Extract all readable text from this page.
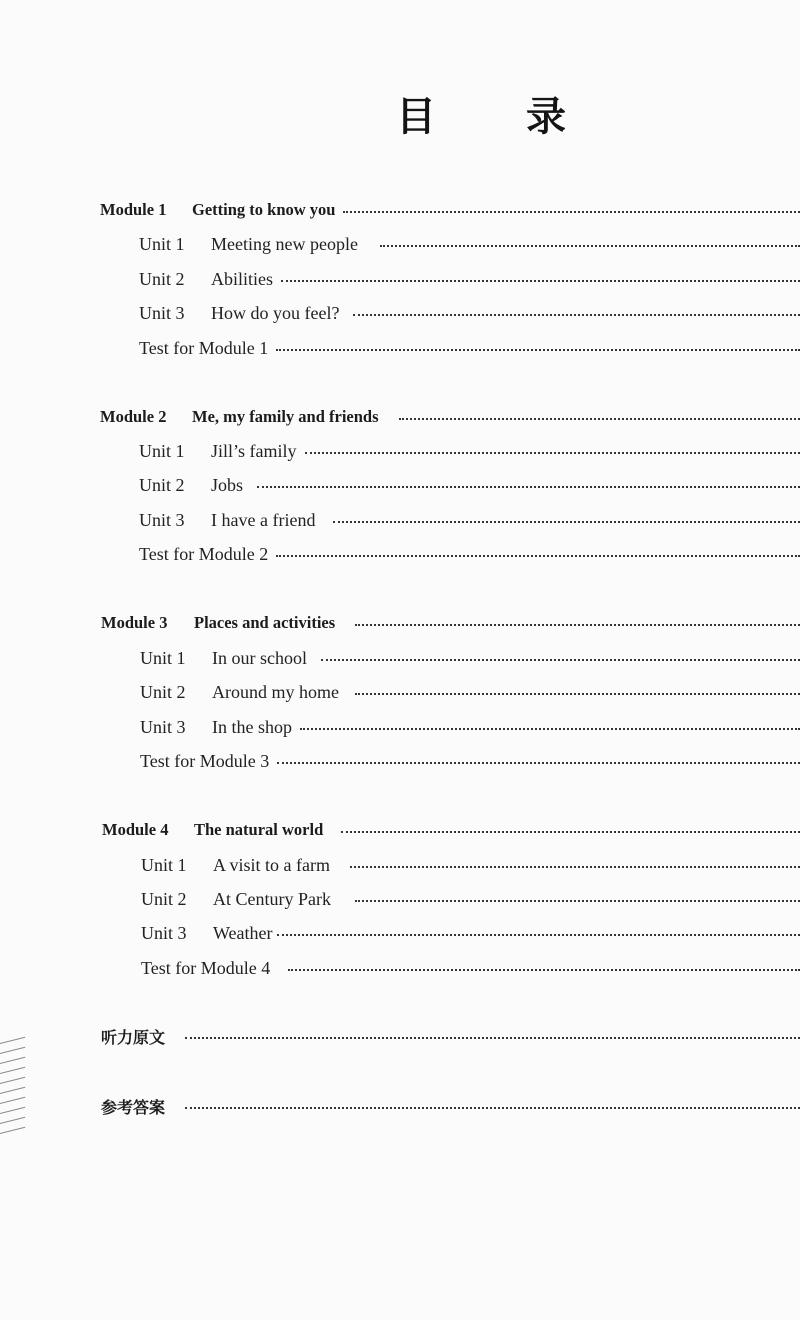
目 录
Module 1 Getting to know you
Unit 1 Meeting new people
Unit 2 Abilities
Unit 3 How do you feel?
Test for Module 1
Module 2 Me, my family and friends
Unit 1 Jill’s family
Unit 2 Jobs
Unit 3 I have a friend
Test for Module 2
Module 3 Places and activities
Unit 1 In our school
Unit 2 Around my home
Unit 3 In the shop
Test for Module 3
Module 4 The natural world
Unit 1 A visit to a farm
Unit 2 At Century Park
Unit 3 Weather
Test for Module 4
听力原文
参考答案
